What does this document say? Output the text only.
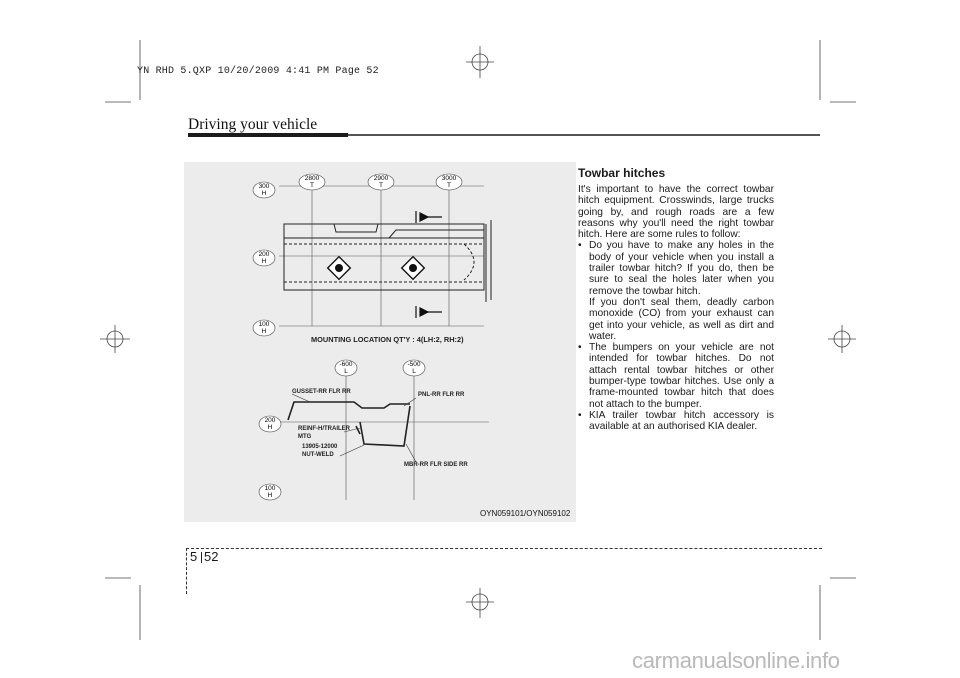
YN RHD 5.QXP 10/20/2009 4:41 PM Page 52
Driving your vehicle
2800
T
2900
T
3000
T
300
H
200
H
100
H
MOUNTING LOCATION QT'Y : 4(LH:2, RH:2)
-600
L
-500
L
200
H
100
H
GUSSET-RR FLR RR	PNL-RR FLR RR
REINF-H/TRAILER
MTG
13905-12000
NUT-WELD
MBR-RR FLR SIDE RR
OYN059101/OYN059102
Towbar hitches

It's important to have the correct towbar hitch equipment. Crosswinds, large trucks going by, and rough roads are a few reasons why you'll need the right towbar hitch. Here are some rules to follow:

• Do you have to make any holes in the body of your vehicle when you install a trailer towbar hitch? If you do, then be sure to seal the holes later when you remove the towbar hitch.

If you don't seal them, deadly carbon monoxide (CO) from your exhaust can get into your vehicle, as well as dirt and water.

• The bumpers on your vehicle are not intended for towbar hitches. Do not attach rental towbar hitches or other bumper-type towbar hitches. Use only a frame-mounted towbar hitch that does not attach to the bumper.

• KIA trailer towbar hitch accessory is available at an authorised KIA dealer.

5 52
carmanualsonline.info
